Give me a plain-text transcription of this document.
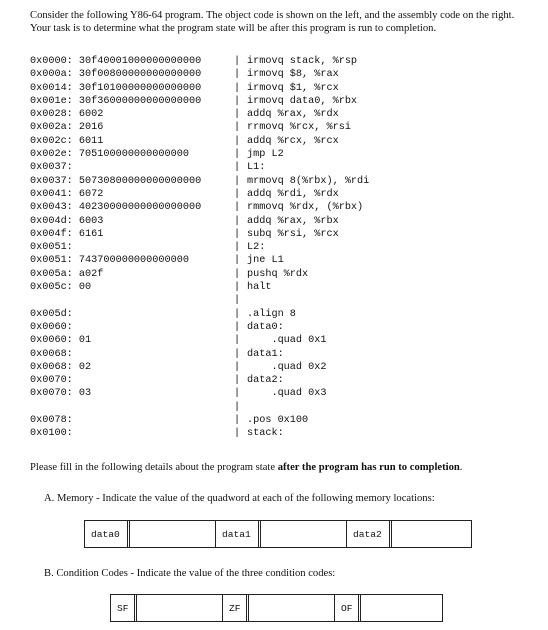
Consider the following Y86-64 program. The object code is shown on the left, and the assembly code on the right. Your task is to determine what the program state will be after this program is run to completion.
0x0000: 30f40001000000000000	| irmovq stack, %rsp
0x000a: 30f00800000000000000	| irmovq $8, %rax
0x0014: 30f10100000000000000	| irmovq $1, %rcx
0x001e: 30f36000000000000000	| irmovq data0, %rbx
0x0028: 6002	| addq %rax, %rdx
0x002a: 2016	| rrmovq %rcx, %rsi
0x002c: 6011	| addq %rcx, %rcx
0x002e: 705100000000000000	| jmp L2
0x0037:	| L1:
0x0037: 50730800000000000000	| mrmovq 8(%rbx), %rdi
0x0041: 6072	| addq %rdi, %rdx
0x0043: 40230000000000000000	| rmmovq %rdx, (%rbx)
0x004d: 6003	| addq %rax, %rbx
0x004f: 6161	| subq %rsi, %rcx
0x0051:	| L2:
0x0051: 743700000000000000	| jne L1
0x005a: a02f	| pushq %rdx
0x005c: 00	| halt
|
0x005d:	| .align 8
0x0060:	| data0:
0x0060: 01	| .quad 0x1
0x0068:	| data1:
0x0068: 02	| .quad 0x2
0x0070:	| data2:
0x0070: 03	| .quad 0x3
|
0x0078:	| .pos 0x100
0x0100:	| stack:
Please fill in the following details about the program state after the program has run to completion.
A. Memory - Indicate the value of the quadword at each of the following memory locations:
data0	data1	data2
B. Condition Codes - Indicate the value of the three condition codes:
SF	ZF	OF
